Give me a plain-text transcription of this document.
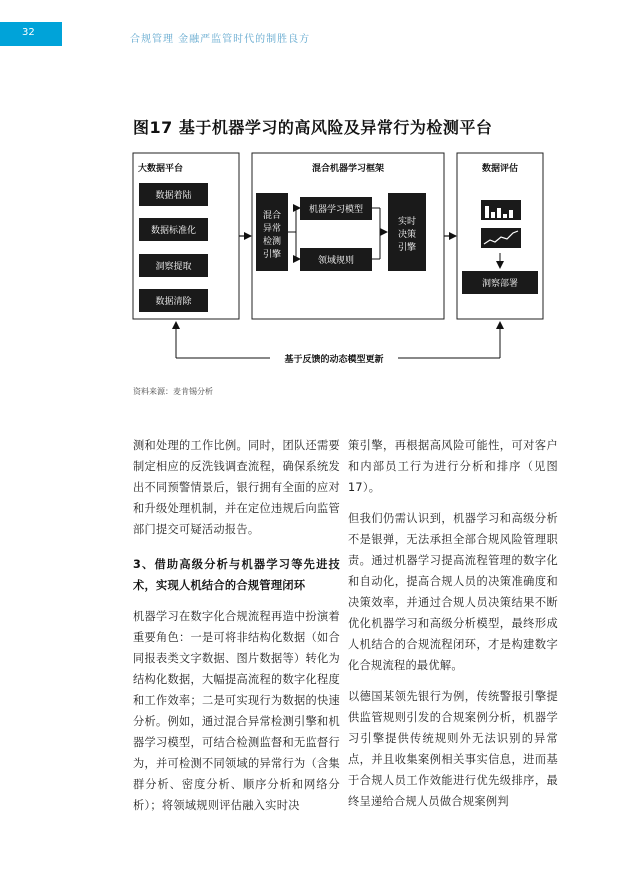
32
合规管理 金融严监管时代的制胜良方
图17 基于机器学习的高风险及异常行为检测平台
大数据平台
数据着陆
数据标准化
洞察提取
数据清除
混合机器学习框架
混合
异常
检测
引擎
机器学习模型
领域规则
实时
决策
引擎
数据评估
洞察部署
基于反馈的动态模型更新
资料来源：麦肯锡分析

测和处理的工作比例。同时，团队还需要制定相应的反洗钱调查流程，确保系统发出不同预警情景后，银行拥有全面的应对和升级处理机制，并在定位违规后向监管部门提交可疑活动报告。

3、借助高级分析与机器学习等先进技术，实现人机结合的合规管理闭环

机器学习在数字化合规流程再造中扮演着重要角色：一是可将非结构化数据（如合同报表类文字数据、图片数据等）转化为结构化数据，大幅提高流程的数字化程度和工作效率；二是可实现行为数据的快速分析。例如，通过混合异常检测引擎和机器学习模型，可结合检测监督和无监督行为，并可检测不同领域的异常行为（含集群分析、密度分析、顺序分析和网络分析）；将领域规则评估融入实时决

策引擎，再根据高风险可能性，可对客户和内部员工行为进行分析和排序（见图17）。

但我们仍需认识到，机器学习和高级分析不是银弹，无法承担全部合规风险管理职责。通过机器学习提高流程管理的数字化和自动化，提高合规人员的决策准确度和决策效率，并通过合规人员决策结果不断优化机器学习和高级分析模型，最终形成人机结合的合规流程闭环，才是构建数字化合规流程的最优解。

以德国某领先银行为例，传统警报引擎提供监管规则引发的合规案例分析，机器学习引擎提供传统规则外无法识别的异常点，并且收集案例相关事实信息，进而基于合规人员工作效能进行优先级排序，最终呈递给合规人员做合规案例判
